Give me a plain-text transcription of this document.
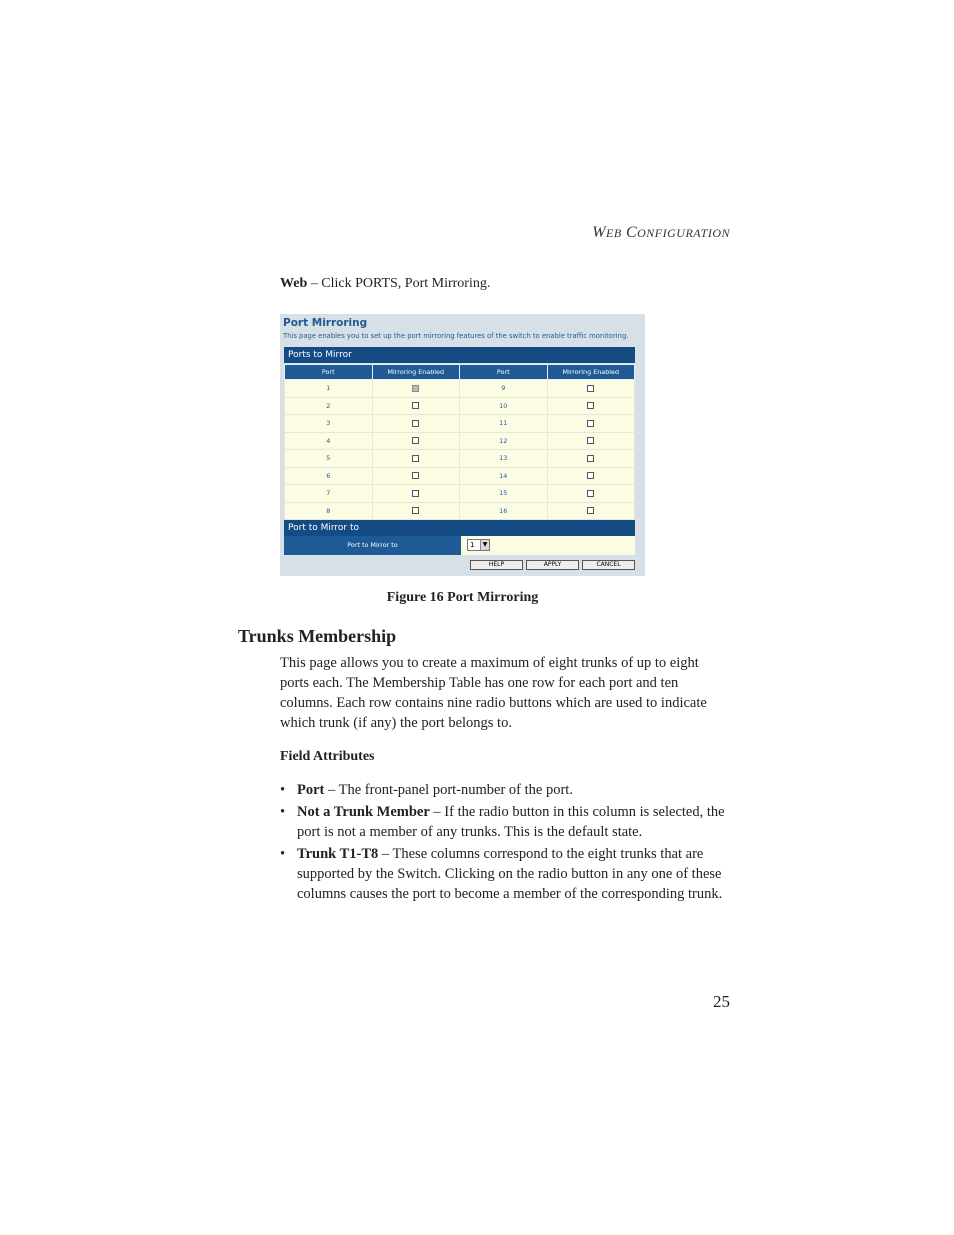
WEB CONFIGURATION

Web – Click PORTS, Port Mirroring.

Port Mirroring
This page enables you to set up the port mirroring features of the switch to enable traffic monitoring.
Ports to Mirror
Port	Mirroring Enabled	Port	Mirroring Enabled
1		9	
2		10	
3		11	
4		12	
5		13	
6		14	
7		15	
8		16	
Port to Mirror to
Port to Mirror to	1	▼
HELP	APPLY	CANCEL

Figure 16 Port Mirroring

Trunks Membership

This page allows you to create a maximum of eight trunks of up to eight ports each. The Membership Table has one row for each port and ten columns. Each row contains nine radio buttons which are used to indicate which trunk (if any) the port belongs to.

Field Attributes
• Port – The front-panel port-number of the port.
• Not a Trunk Member – If the radio button in this column is selected, the port is not a member of any trunks. This is the default state.
• Trunk T1-T8 – These columns correspond to the eight trunks that are supported by the Switch. Clicking on the radio button in any one of these columns causes the port to become a member of the corresponding trunk.
25
